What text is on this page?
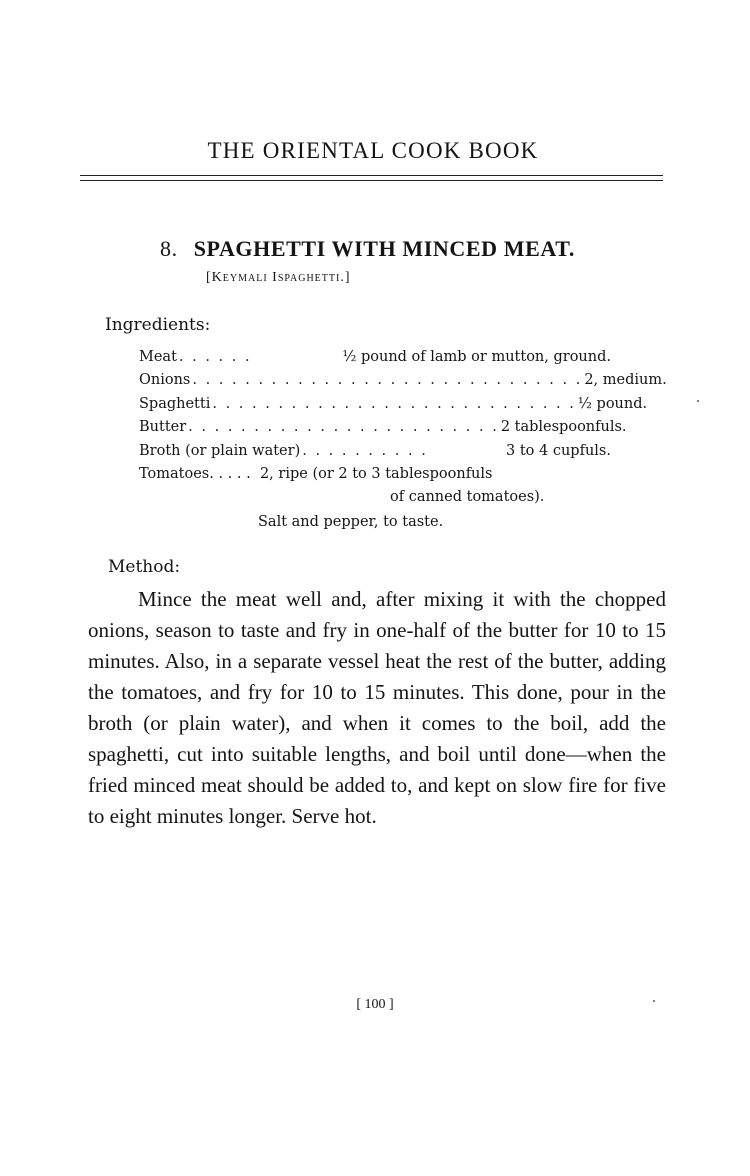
THE ORIENTAL COOK BOOK
8. SPAGHETTI WITH MINCED MEAT.
[Keymali Ispaghetti.]
Ingredients:
Meat . . . . . .	½ pound of lamb or mutton, ground.
Onions . . . . . . . . . . . . . . . . . . . . . . . . . . . . . . 2, medium.
Spaghetti . . . . . . . . . . . . . . . . . . . . . . . . . . . . ½ pound.
Butter . . . . . . . . . . . . . . . . . . . . . . . . 2 tablespoonfuls.
Broth (or plain water) . . . . . . . . . .	3 to 4 cupfuls.
Tomatoes. . . . . 2, ripe (or 2 to 3 tablespoonfuls
of canned tomatoes).
Salt and pepper, to taste.
Method:
Mince the meat well and, after mixing it with the chopped onions, season to taste and fry in one-half of the butter for 10 to 15 minutes. Also, in a separate vessel heat the rest of the butter, adding the tomatoes, and fry for 10 to 15 minutes. This done, pour in the broth (or plain water), and when it comes to the boil, add the spaghetti, cut into suitable lengths, and boil until done—when the fried minced meat should be added to, and kept on slow fire for five to eight minutes longer. Serve hot.
[ 100 ]
